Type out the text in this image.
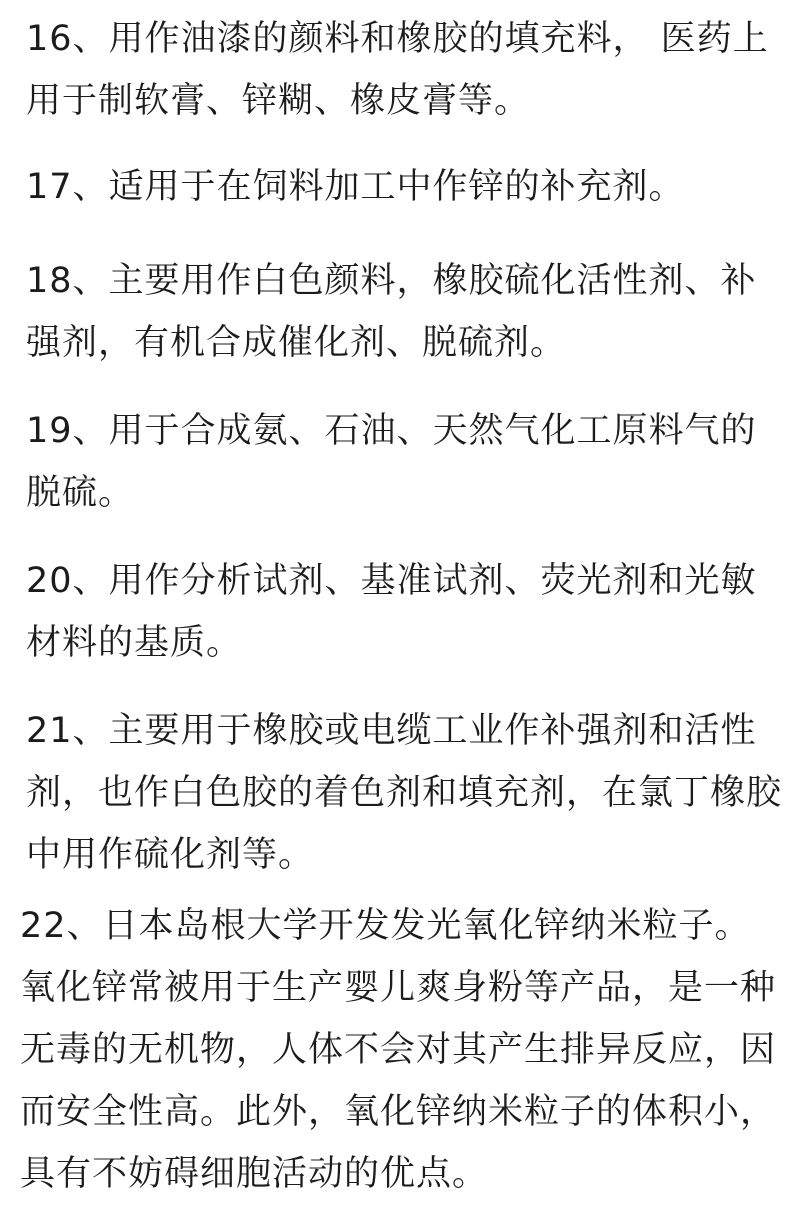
16、用作油漆的颜料和橡胶的填充料， 医药上
用于制软膏、锌糊、橡皮膏等。

17、适用于在饲料加工中作锌的补充剂。

18、主要用作白色颜料，橡胶硫化活性剂、补
强剂，有机合成催化剂、脱硫剂。

19、用于合成氨、石油、天然气化工原料气的
脱硫。

20、用作分析试剂、基准试剂、荧光剂和光敏
材料的基质。

21、主要用于橡胶或电缆工业作补强剂和活性
剂，也作白色胶的着色剂和填充剂，在氯丁橡胶
中用作硫化剂等。

22、日本岛根大学开发发光氧化锌纳米粒子。
氧化锌常被用于生产婴儿爽身粉等产品，是一种
无毒的无机物，人体不会对其产生排异反应，因
而安全性高。此外，氧化锌纳米粒子的体积小，
具有不妨碍细胞活动的优点。
